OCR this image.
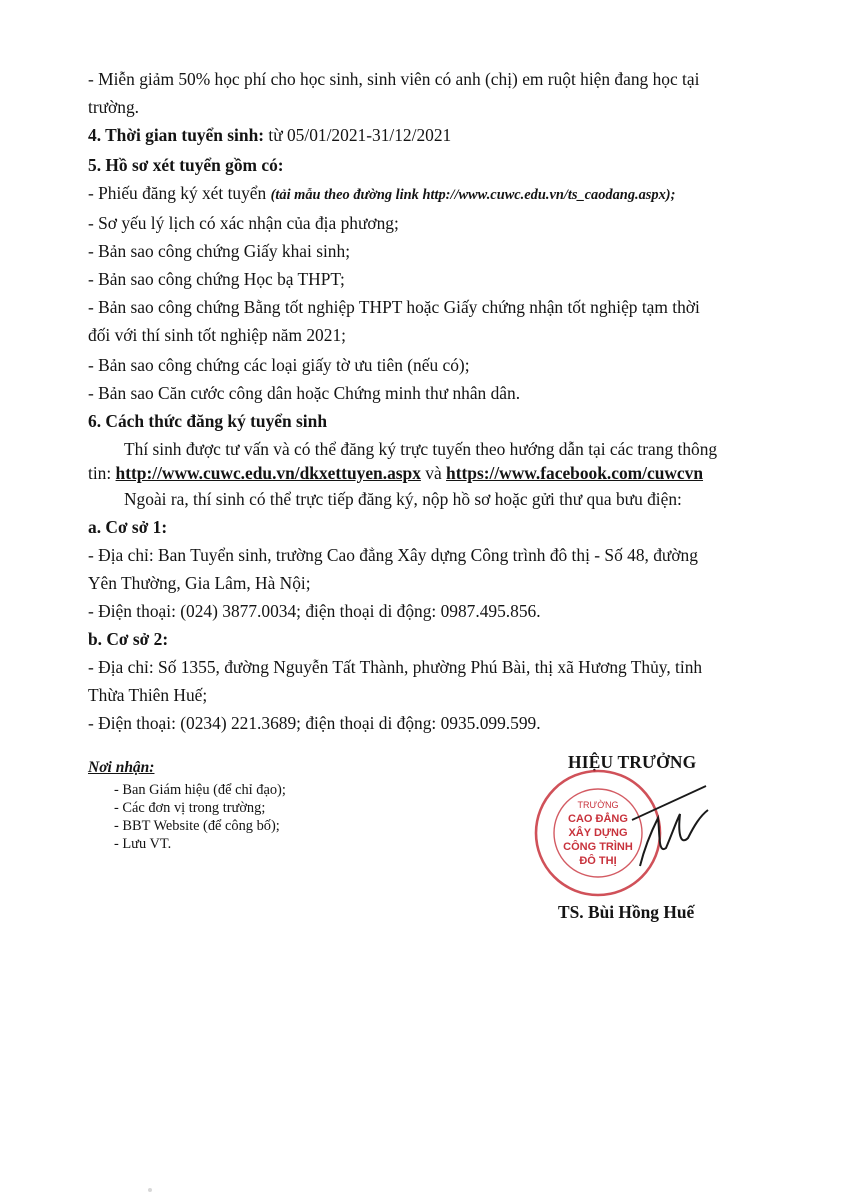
- Miễn giảm 50% học phí cho học sinh, sinh viên có anh (chị) em ruột hiện đang học tại
trường.
4. Thời gian tuyển sinh: từ 05/01/2021-31/12/2021
5. Hồ sơ xét tuyển gồm có:
- Phiếu đăng ký xét tuyển (tải mẫu theo đường link http://www.cuwc.edu.vn/ts_caodang.aspx);
- Sơ yếu lý lịch có xác nhận của địa phương;
- Bản sao công chứng Giấy khai sinh;
- Bản sao công chứng Học bạ THPT;
- Bản sao công chứng Bằng tốt nghiệp THPT hoặc Giấy chứng nhận tốt nghiệp tạm thời
đối với thí sinh tốt nghiệp năm 2021;
- Bản sao công chứng các loại giấy tờ ưu tiên (nếu có);
- Bản sao Căn cước công dân hoặc Chứng minh thư nhân dân.
6. Cách thức đăng ký tuyển sinh
Thí sinh được tư vấn và có thể đăng ký trực tuyến theo hướng dẫn tại các trang thông
tin: http://www.cuwc.edu.vn/dkxettuyen.aspx và https://www.facebook.com/cuwcvn
Ngoài ra, thí sinh có thể trực tiếp đăng ký, nộp hồ sơ hoặc gửi thư qua bưu điện:
a. Cơ sở 1:
- Địa chỉ: Ban Tuyển sinh, trường Cao đẳng Xây dựng Công trình đô thị - Số 48, đường
Yên Thường, Gia Lâm, Hà Nội;
- Điện thoại: (024) 3877.0034; điện thoại di động: 0987.495.856.
b. Cơ sở 2:
- Địa chỉ: Số 1355, đường Nguyễn Tất Thành, phường Phú Bài, thị xã Hương Thủy, tỉnh
Thừa Thiên Huế;
- Điện thoại: (0234) 221.3689; điện thoại di động: 0935.099.599.
Nơi nhận:
- Ban Giám hiệu (để chỉ đạo);
- Các đơn vị trong trường;
- BBT Website (để công bố);
- Lưu VT.
HIỆU TRƯỞNG
TRƯỜNG
CAO ĐẲNG
XÂY DỰNG
CÔNG TRÌNH
ĐÔ THỊ
TS. Bùi Hồng Huế
